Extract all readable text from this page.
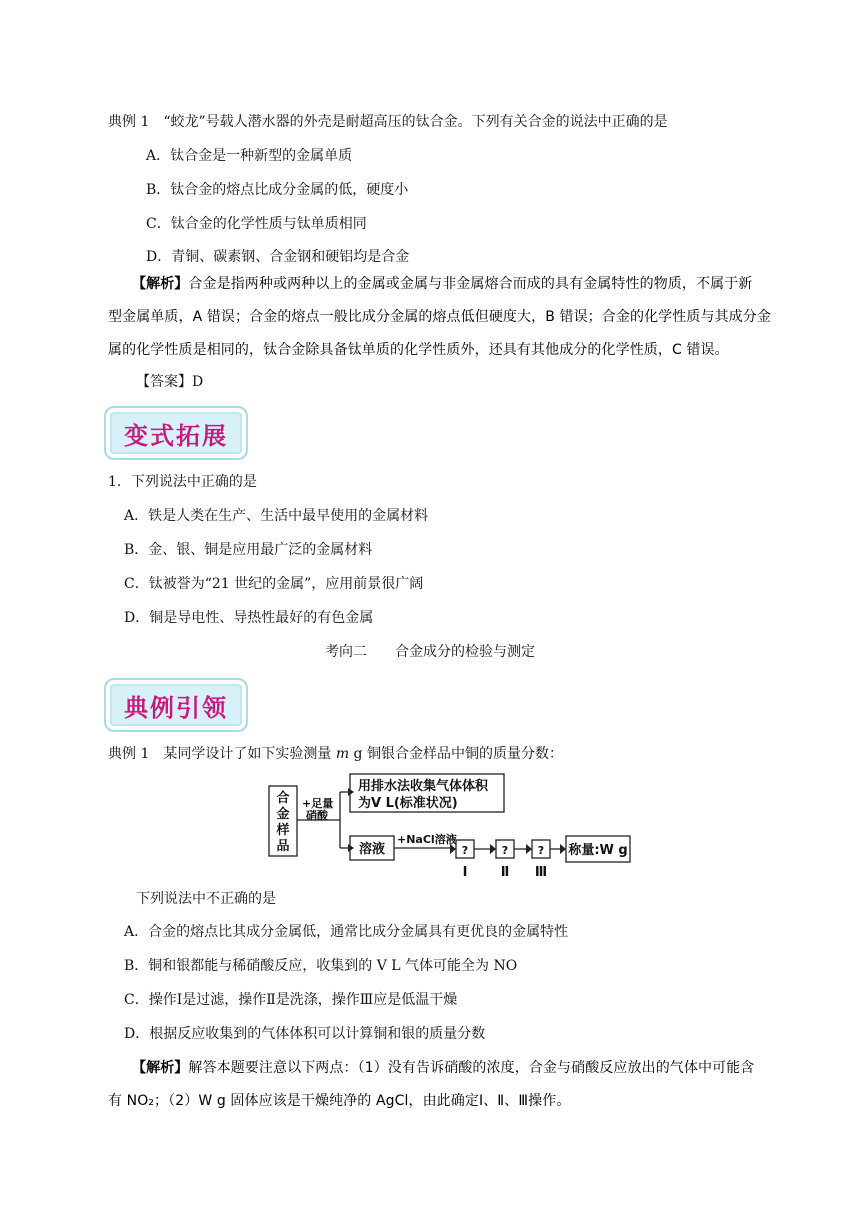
典例 1　“蛟龙”号载人潜水器的外壳是耐超高压的钛合金。下列有关合金的说法中正确的是
A．钛合金是一种新型的金属单质
B．钛合金的熔点比成分金属的低，硬度小
C．钛合金的化学性质与钛单质相同
D．青铜、碳素钢、合金钢和硬铝均是合金
【解析】合金是指两种或两种以上的金属或金属与非金属熔合而成的具有金属特性的物质，不属于新
型金属单质，A 错误；合金的熔点一般比成分金属的熔点低但硬度大，B 错误；合金的化学性质与其成分金
属的化学性质是相同的，钛合金除具备钛单质的化学性质外，还具有其他成分的化学性质，C 错误。
【答案】D
变式拓展
1．下列说法中正确的是
A．铁是人类在生产、生活中最早使用的金属材料
B．金、银、铜是应用最广泛的金属材料
C．钛被誉为“21 世纪的金属”，应用前景很广阔
D．铜是导电性、导热性最好的有色金属
考向二　　合金成分的检验与测定
典例引领
典例 1　某同学设计了如下实验测量 m g 铜银合金样品中铜的质量分数：
合
金
样
品
+足量
硝酸
用排水法收集气体体积
为V L(标准状况)
溶液
+NaCl溶液
?	?	?
Ⅰ	Ⅱ Ⅲ
称量:W g
下列说法中不正确的是
A．合金的熔点比其成分金属低，通常比成分金属具有更优良的金属特性
B．铜和银都能与稀硝酸反应，收集到的 V L 气体可能全为 NO
C．操作Ⅰ是过滤，操作Ⅱ是洗涤，操作Ⅲ应是低温干燥
D．根据反应收集到的气体体积可以计算铜和银的质量分数
【解析】解答本题要注意以下两点：（1）没有告诉硝酸的浓度，合金与硝酸反应放出的气体中可能含
有 NO₂；（2）W g 固体应该是干燥纯净的 AgCl，由此确定Ⅰ、Ⅱ、Ⅲ操作。
